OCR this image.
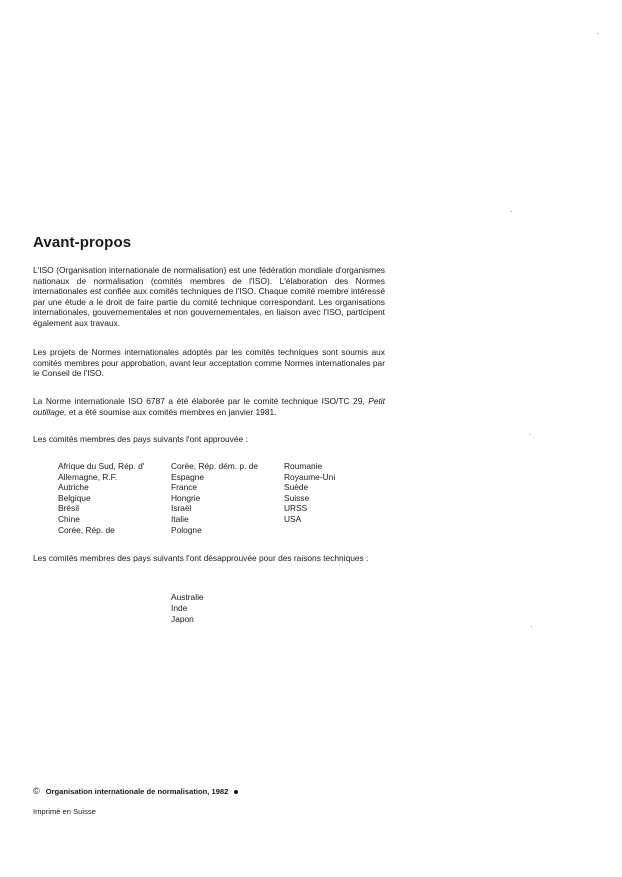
Avant-propos

L'ISO (Organisation internationale de normalisation) est une fédération mondiale d'organismes nationaux de normalisation (comités membres de l'ISO). L'élaboration des Normes internationales est confiée aux comités techniques de l'ISO. Chaque comité membre intéressé par une étude a le droit de faire partie du comité technique correspondant. Les organisations internationales, gouvernementales et non gouvernementales, en liaison avec l'ISO, participent également aux travaux.

Les projets de Normes internationales adoptés par les comités techniques sont soumis aux comités membres pour approbation, avant leur acceptation comme Normes internationales par le Conseil de l'ISO.

La Norme internationale ISO 6787 a été élaborée par le comité technique ISO/TC 29, Petit outillage, et a été soumise aux comités membres en janvier 1981.

Les comités membres des pays suivants l'ont approuvée :

Afrique du Sud, Rép. d'
Allemagne, R.F.
Autriche
Belgique
Brésil
Chine
Corée, Rép. de
Corée, Rép. dém. p. de
Espagne
France
Hongrie
Israël
Italie
Pologne
Roumanie
Royaume-Uni
Suède
Suisse
URSS
USA

Les comités membres des pays suivants l'ont désapprouvée pour des raisons techniques :

Australie
Inde
Japon
© Organisation internationale de normalisation, 1982
Imprimé en Suisse
